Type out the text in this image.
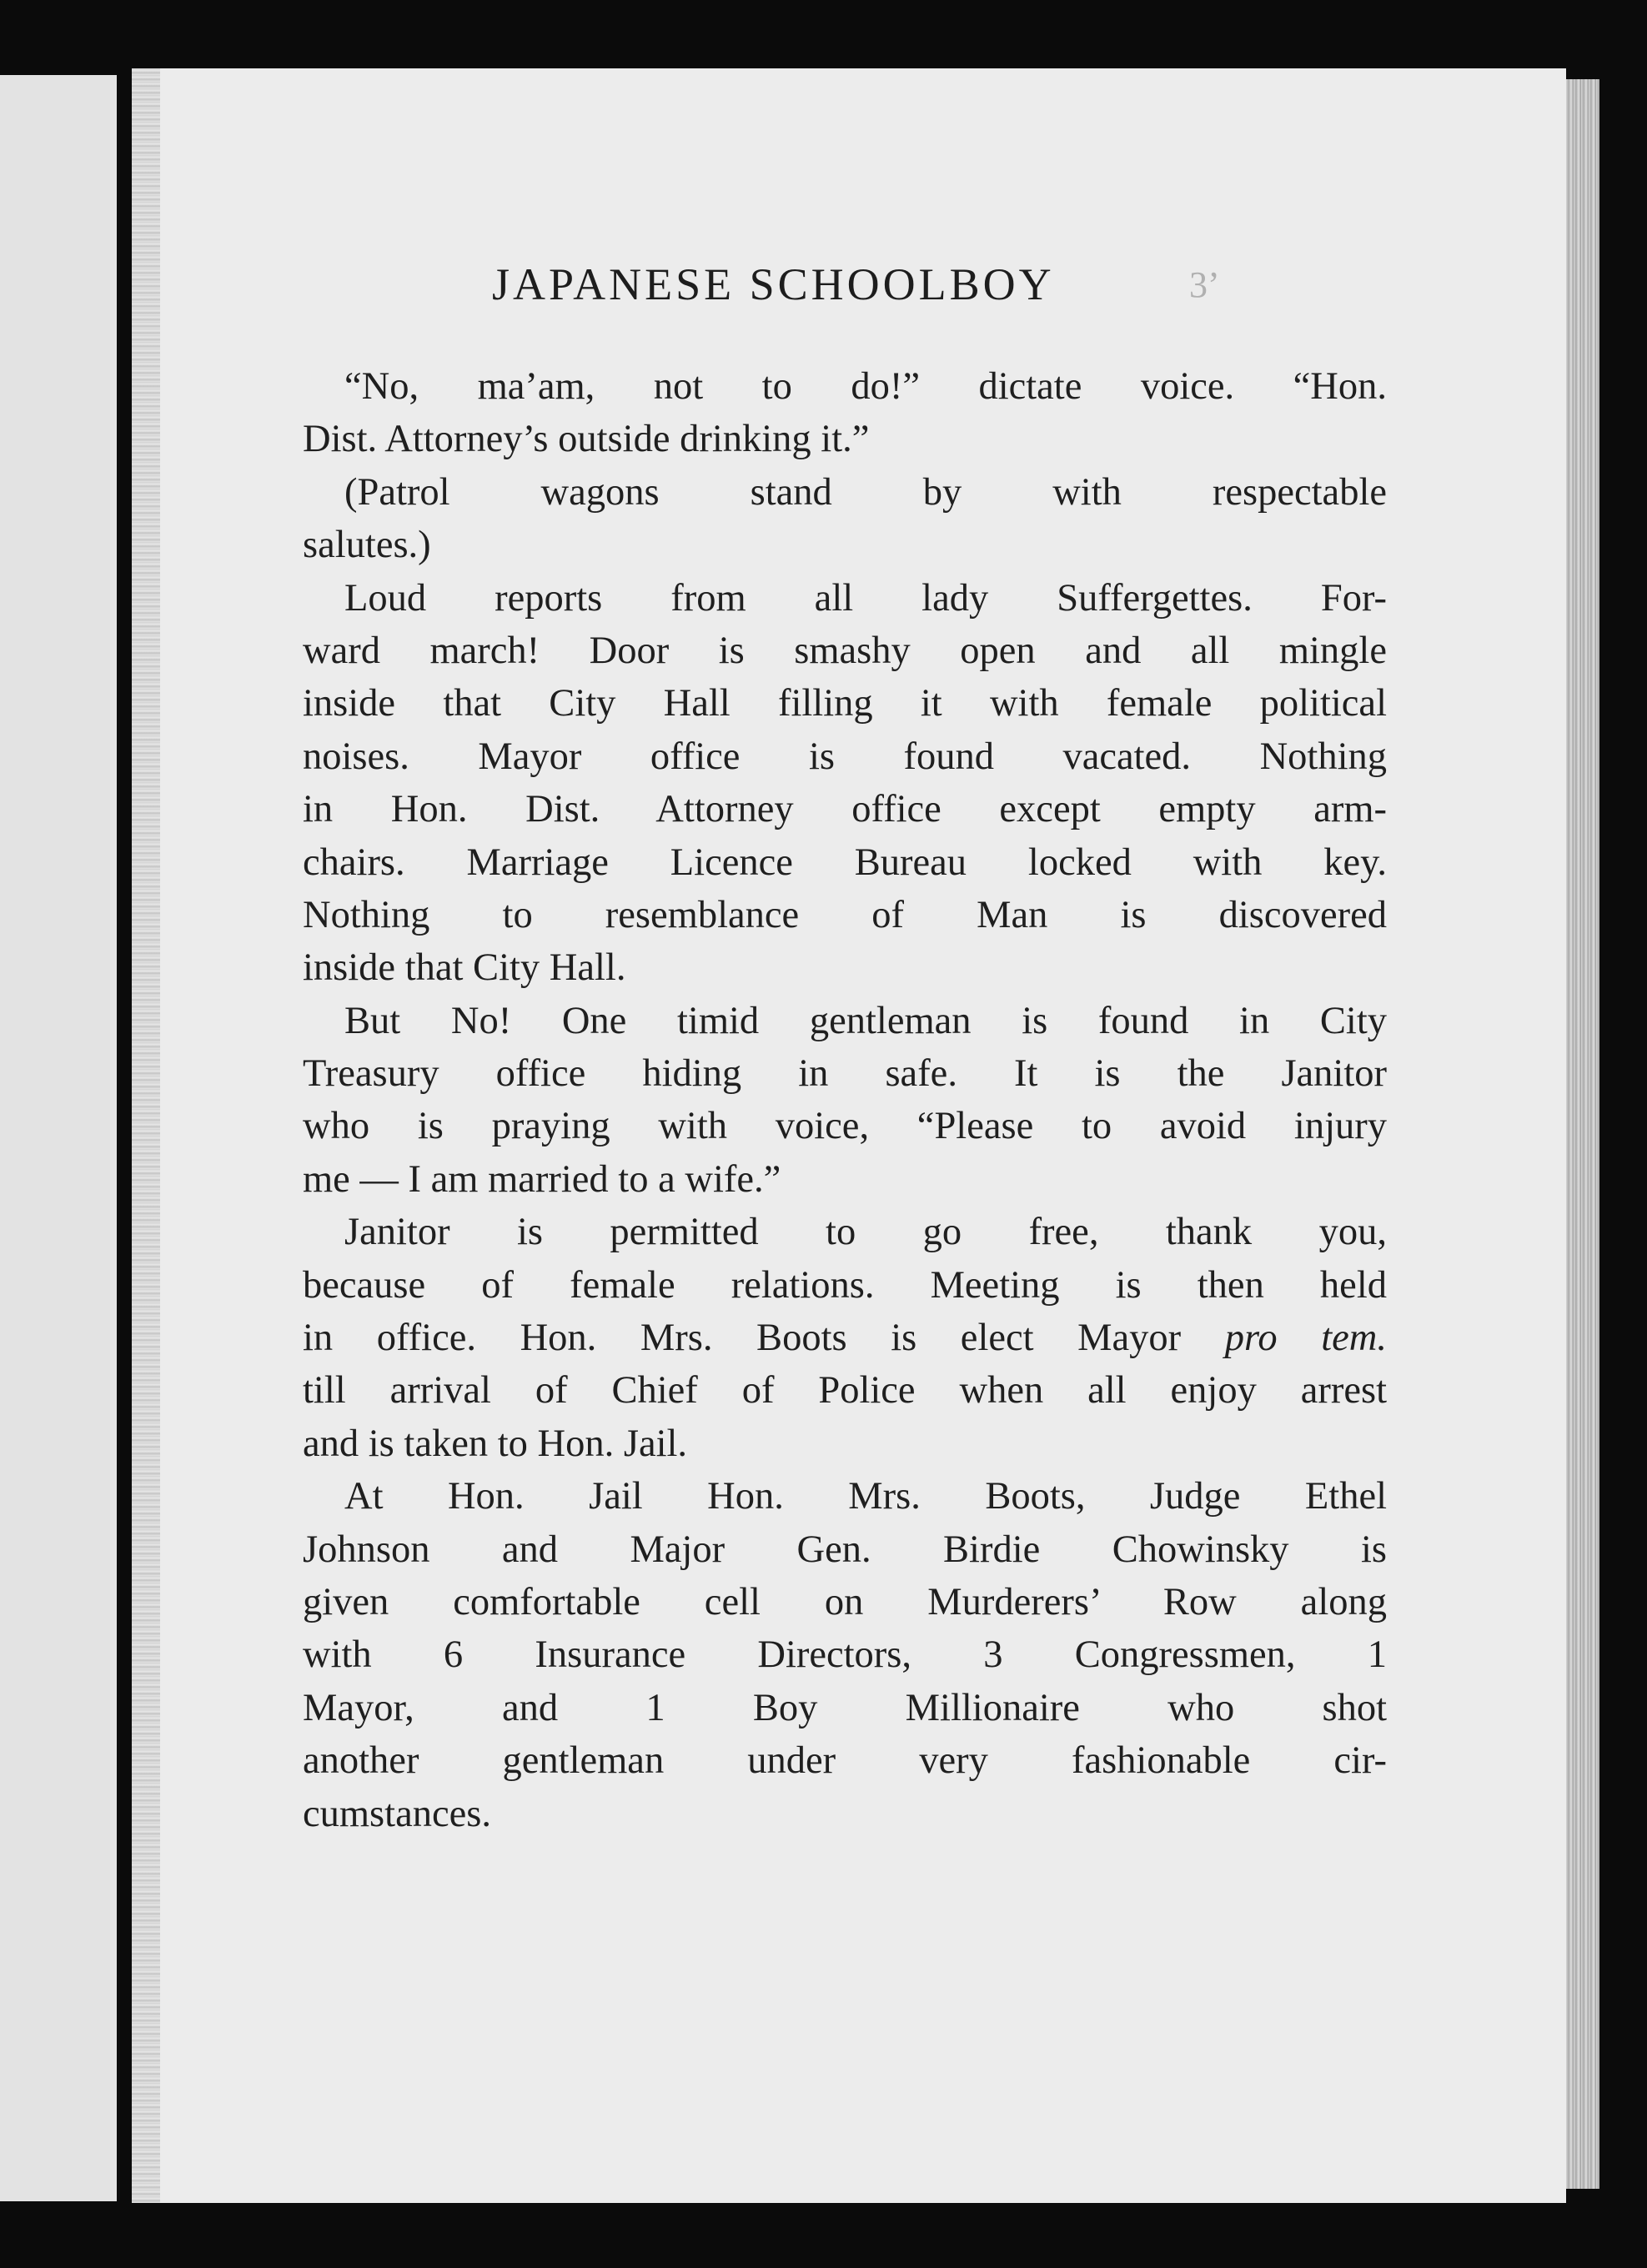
JAPANESE SCHOOLBOY	3’
“No, ma’am, not to do!” dictate voice. “Hon.
Dist. Attorney’s outside drinking it.”
(Patrol wagons stand by with respectable
salutes.)
Loud reports from all lady Suffergettes. For-
ward march! Door is smashy open and all mingle
inside that City Hall filling it with female political
noises. Mayor office is found vacated. Nothing
in Hon. Dist. Attorney office except empty arm-
chairs. Marriage Licence Bureau locked with key.
Nothing to resemblance of Man is discovered
inside that City Hall.
But No! One timid gentleman is found in City
Treasury office hiding in safe. It is the Janitor
who is praying with voice, “Please to avoid injury
me — I am married to a wife.”
Janitor is permitted to go free, thank you,
because of female relations. Meeting is then held
in office. Hon. Mrs. Boots is elect Mayor pro tem.
till arrival of Chief of Police when all enjoy arrest
and is taken to Hon. Jail.
At Hon. Jail Hon. Mrs. Boots, Judge Ethel
Johnson and Major Gen. Birdie Chowinsky is
given comfortable cell on Murderers’ Row along
with 6 Insurance Directors, 3 Congressmen, 1
Mayor, and 1 Boy Millionaire who shot
another gentleman under very fashionable cir-
cumstances.
